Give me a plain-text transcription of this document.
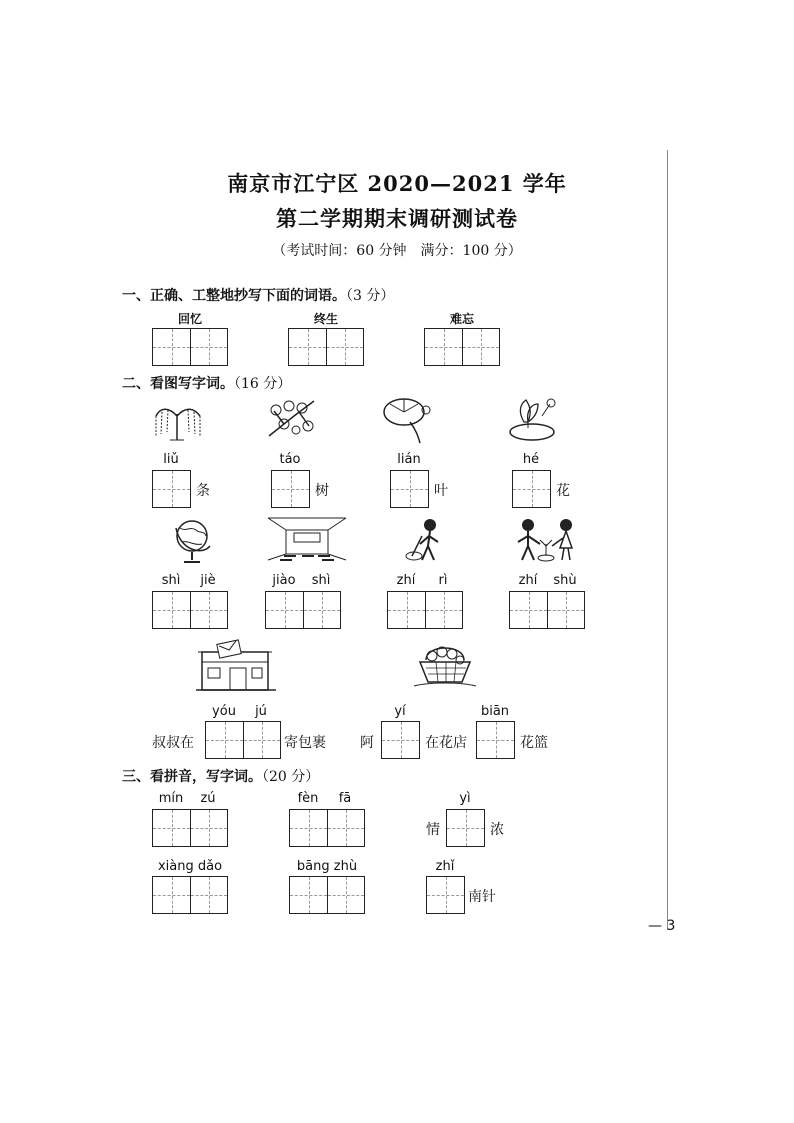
南京市江宁区 2020—2021 学年
第二学期期末调研测试卷
（考试时间：60 分钟　满分：100 分）
一、正确、工整地抄写下面的词语。（3 分）
回忆	终生	难忘
二、看图写字词。（16 分）
liǔ
条
táo
树
lián
叶
hé
花
shì	jiè	jiào	shì	zhí	rì	zhí	shù
叔叔在
yóu	jú
寄包裹 阿
yí
在花店
biān
花篮
三、看拼音，写字词。（20 分）
mín	zú	fèn	fā
情
yì
浓
xiàng dǎo	bāng zhù	zhǐ
南针
— 3
